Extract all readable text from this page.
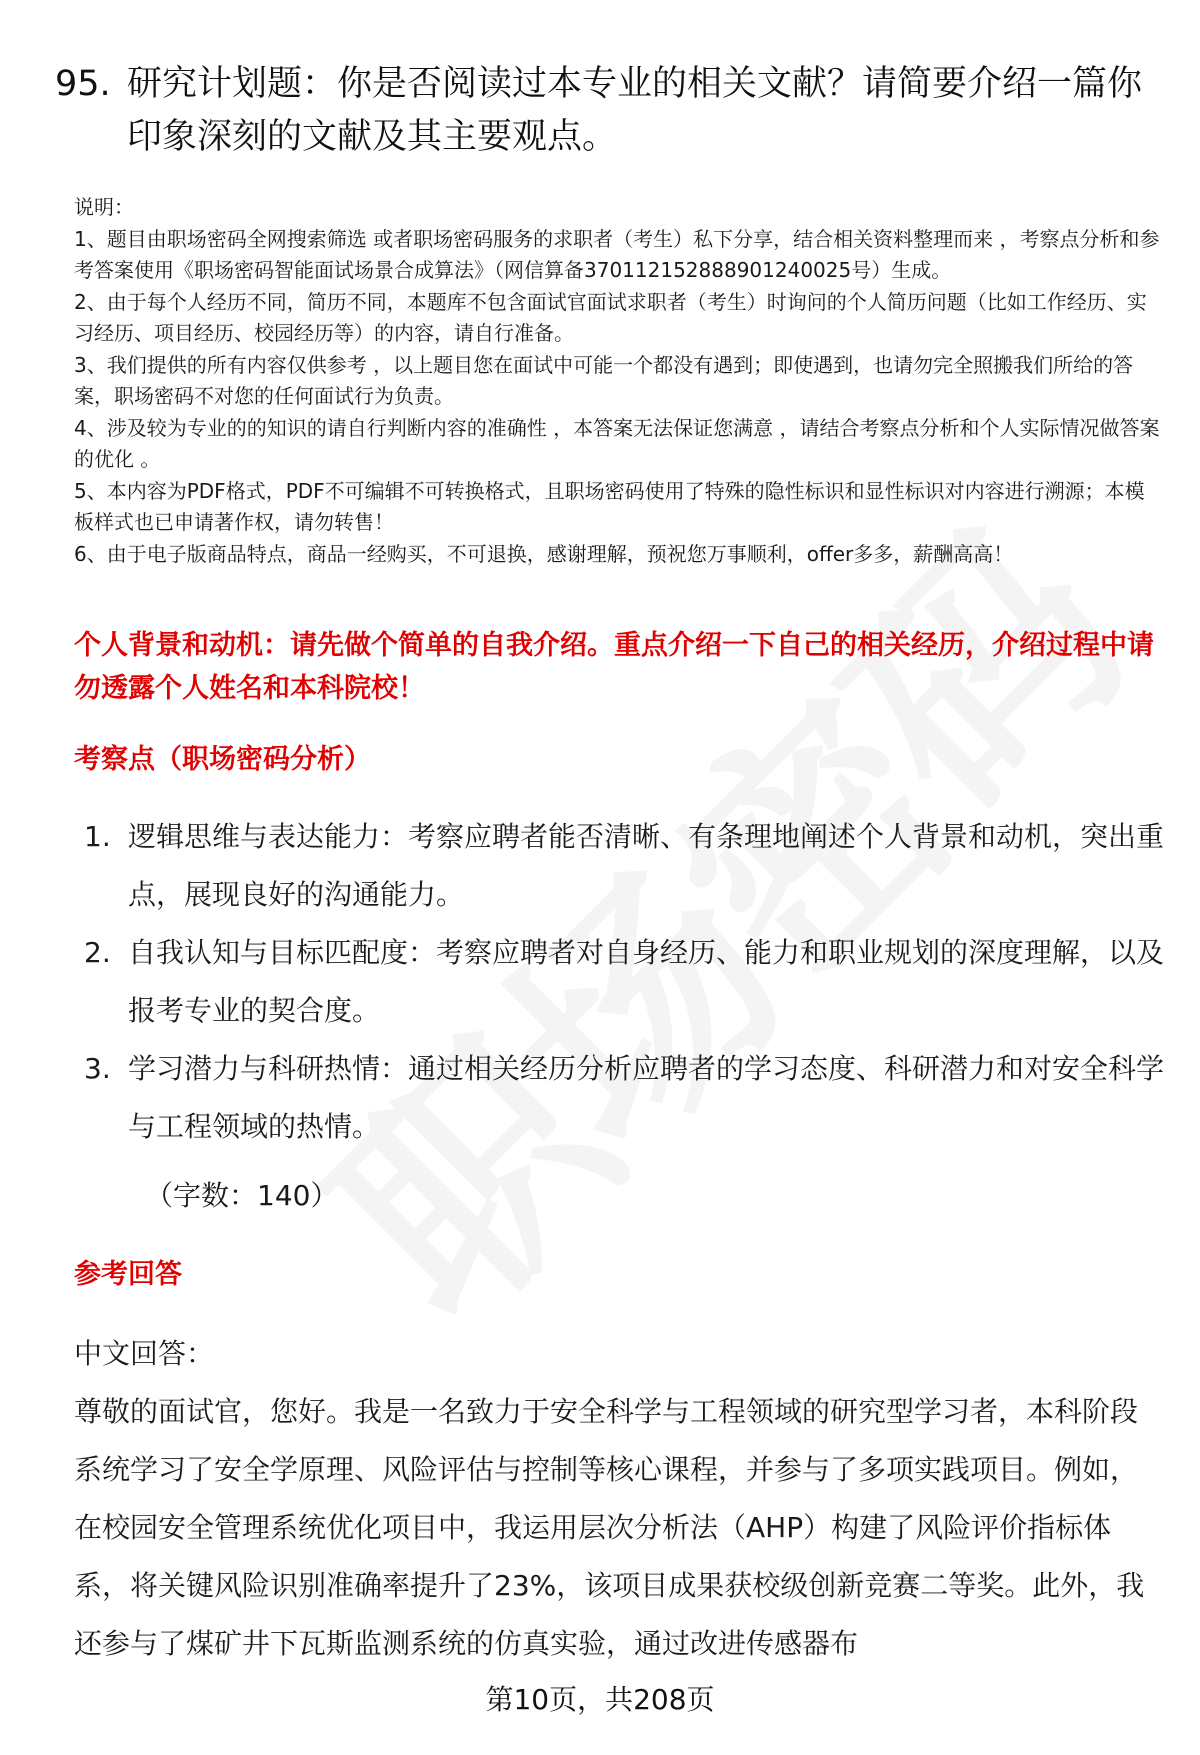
95. 研究计划题：你是否阅读过本专业的相关文献？请简要介绍一篇你印象深刻的文献及其主要观点。

说明：

1、题目由职场密码全网搜索筛选 或者职场密码服务的求职者（考生）私下分享，结合相关资料整理而来 ，考察点分析和参考答案使用《职场密码智能面试场景合成算法》（网信算备370112152888901240025号）生成。

2、由于每个人经历不同，简历不同，本题库不包含面试官面试求职者（考生）时询问的个人简历问题（比如工作经历、实习经历、项目经历、校园经历等）的内容，请自行准备。

3、我们提供的所有内容仅供参考 ，以上题目您在面试中可能一个都没有遇到；即使遇到，也请勿完全照搬我们所给的答案，职场密码不对您的任何面试行为负责。

4、涉及较为专业的的知识的请自行判断内容的准确性 ，本答案无法保证您满意 ，请结合考察点分析和个人实际情况做答案的优化 。

5、本内容为PDF格式，PDF不可编辑不可转换格式，且职场密码使用了特殊的隐性标识和显性标识对内容进行溯源；本模板样式也已申请著作权，请勿转售！

6、由于电子版商品特点，商品一经购买，不可退换，感谢理解，预祝您万事顺利，offer多多，薪酬高高！

个人背景和动机：请先做个简单的自我介绍。重点介绍一下自己的相关经历，介绍过程中请勿透露个人姓名和本科院校！
考察点（职场密码分析）
1. 逻辑思维与表达能力：考察应聘者能否清晰、有条理地阐述个人背景和动机，突出重点，展现良好的沟通能力。
2. 自我认知与目标匹配度：考察应聘者对自身经历、能力和职业规划的深度理解，以及报考专业的契合度。
3. 学习潜力与科研热情：通过相关经历分析应聘者的学习态度、科研潜力和对安全科学与工程领域的热情。
（字数：140）
参考回答

中文回答：

尊敬的面试官，您好。我是一名致力于安全科学与工程领域的研究型学习者，本科阶段系统学习了安全学原理、风险评估与控制等核心课程，并参与了多项实践项目。例如，在校园安全管理系统优化项目中，我运用层次分析法（AHP）构建了风险评价指标体系，将关键风险识别准确率提升了23%，该项目成果获校级创新竞赛二等奖。此外，我还参与了煤矿井下瓦斯监测系统的仿真实验，通过改进传感器布

第10页，共208页
